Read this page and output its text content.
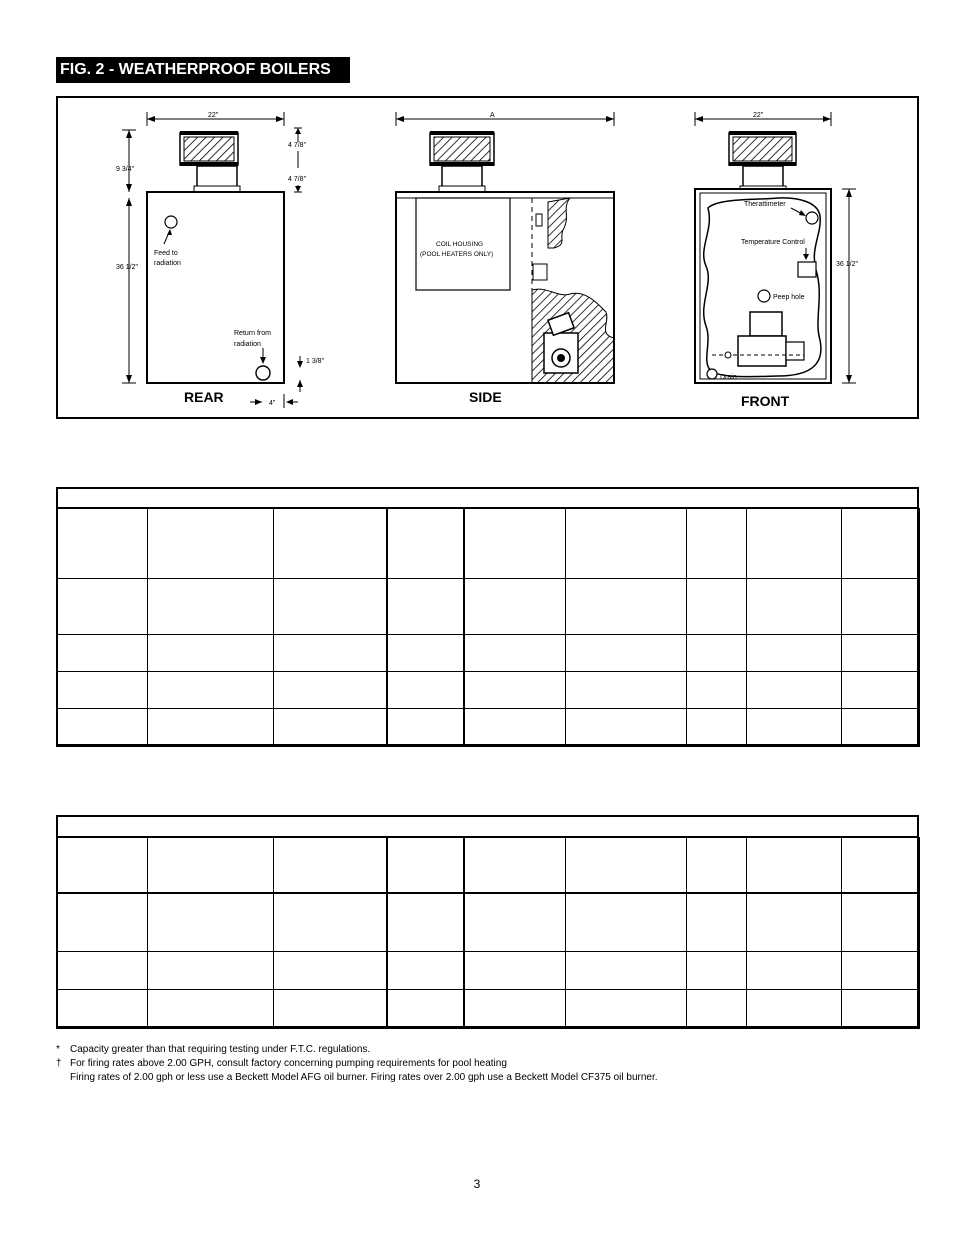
FIG. 2 - WEATHERPROOF BOILERS
22"
Feed to
radiation
Return from
radiation
9 3/4"
36 1/2"
4 7/8"
4 7/8"
1 3/8"
4"
REAR
A
COIL HOUSING
(POOL HEATERS ONLY)
SIDE
22"
Therattimeter
Temperature Control
Peep hole
Drain
36 1/2"
FRONT

*	Capacity greater than that requiring testing under F.T.C. regulations.
† For firing rates above 2.00 GPH, consult factory concerning pumping requirements for pool heating
Firing rates of 2.00 gph or less use a Beckett Model AFG oil burner. Firing rates over 2.00 gph use a Beckett Model CF375 oil burner.
3
